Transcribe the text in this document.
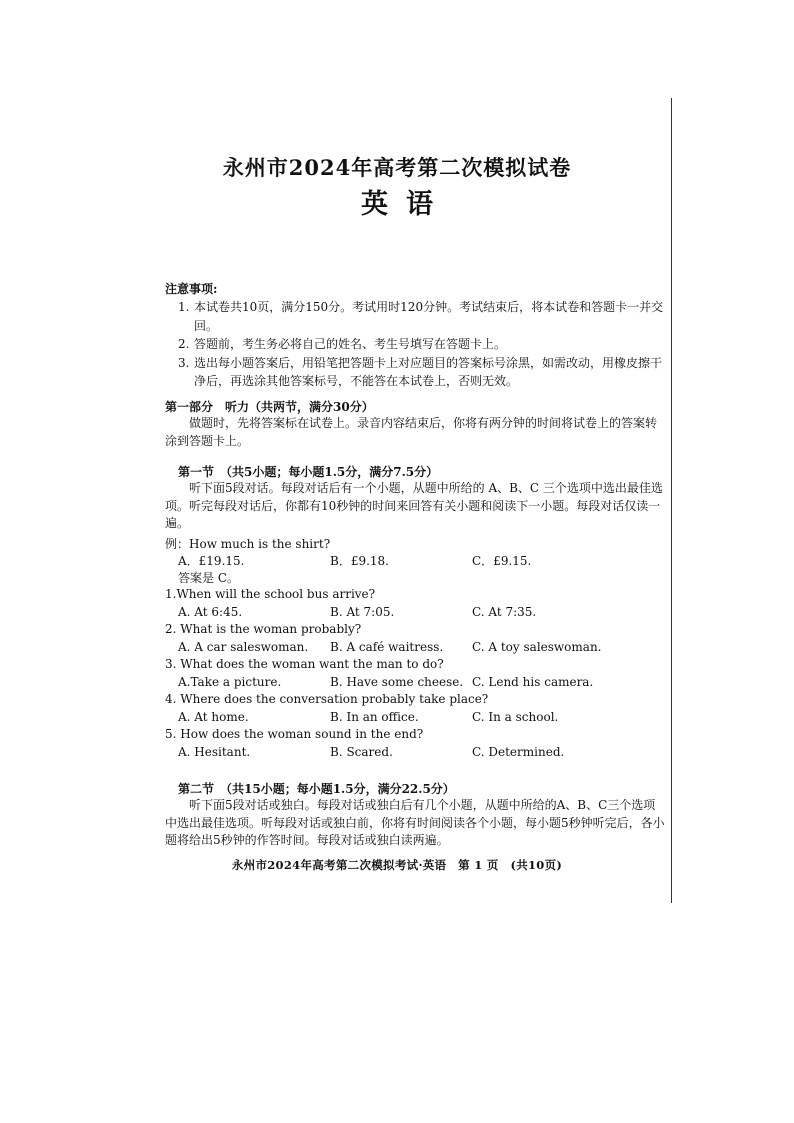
永州市2024年高考第二次模拟试卷
英语
注意事项:
1. 本试卷共10页，满分150分。考试用时120分钟。考试结束后，将本试卷和答题卡一并交回。
2. 答题前，考生务必将自己的姓名、考生号填写在答题卡上。
3. 选出每小题答案后，用铅笔把答题卡上对应题目的答案标号涂黑，如需改动，用橡皮擦干净后，再选涂其他答案标号，不能答在本试卷上，否则无效。
第一部分　听力（共两节，满分30分）
做题时，先将答案标在试卷上。录音内容结束后，你将有两分钟的时间将试卷上的答案转涂到答题卡上。
第一节　（共5小题；每小题1.5分，满分7.5分）
听下面5段对话。每段对话后有一个小题，从题中所给的 A、B、C 三个选项中选出最佳选项。听完每段对话后，你都有10秒钟的时间来回答有关小题和阅读下一小题。每段对话仅读一遍。
例：How much is the shirt?
A．£19.15.	B．£9.18.	C．£9.15.
答案是 C。
1.When will the school bus arrive?
A. At 6:45.	B. At 7:05.	C. At 7:35.
2. What is the woman probably?
A. A car saleswoman. B. A café waitress. C. A toy saleswoman.
3. What does the woman want the man to do?
A.Take a picture.	B. Have some cheese. C. Lend his camera.
4. Where does the conversation probably take place?
A. At home.	B. In an office.	C. In a school.
5. How does the woman sound in the end?
A. Hesitant.	B. Scared.	C. Determined.
第二节　（共15小题；每小题1.5分，满分22.5分）
听下面5段对话或独白。每段对话或独白后有几个小题，从题中所给的A、B、C三个选项中选出最佳选项。听每段对话或独白前，你将有时间阅读各个小题，每小题5秒钟听完后，各小题将给出5秒钟的作答时间。每段对话或独白读两遍。
永州市2024年高考第二次模拟考试·英语　第 1 页　(共10页)
